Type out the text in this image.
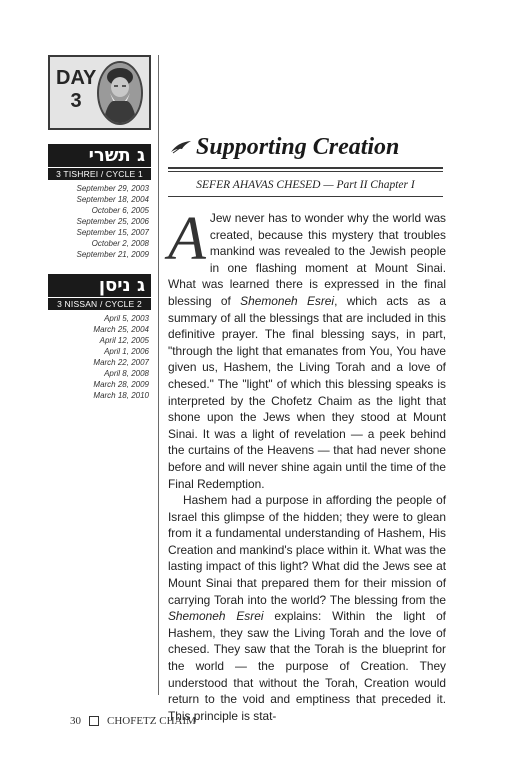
DAY
3
ג תשרי
3 TISHREI / CYCLE 1
September 29, 2003
September 18, 2004
October 6, 2005
September 25, 2006
September 15, 2007
October 2, 2008
September 21, 2009
ג ניסן
3 NISSAN / CYCLE 2
April 5, 2003
March 25, 2004
April 12, 2005
April 1, 2006
March 22, 2007
April 8, 2008
March 28, 2009
March 18, 2010
Supporting Creation
SEFER AHAVAS CHESED — Part II Chapter I

A Jew never has to wonder why the world was created, because this mystery that troubles mankind was revealed to the Jewish people in one flashing moment at Mount Sinai. What was learned there is expressed in the final blessing of Shemoneh Esrei, which acts as a summary of all the blessings that are included in this definitive prayer. The final blessing says, in part, "through the light that emanates from You, You have given us, Hashem, the Living Torah and a love of chesed." The "light" of which this blessing speaks is interpreted by the Chofetz Chaim as the light that shone upon the Jews when they stood at Mount Sinai. It was a light of revelation — a peek behind the curtains of the Heavens — that had never shone before and will never shine again until the time of the Final Redemption.

Hashem had a purpose in affording the people of Israel this glimpse of the hidden; they were to glean from it a fundamental understanding of Hashem, His Creation and mankind's place within it. What was the lasting impact of this light? What did the Jews see at Mount Sinai that prepared them for their mission of carrying Torah into the world? The blessing from the Shemoneh Esrei explains: Within the light of Hashem, they saw the Living Torah and the love of chesed. They saw that the Torah is the blueprint for the world — the purpose of Creation. They understood that without the Torah, Creation would return to the void and emptiness that preceded it. This principle is stat-

30 CHOFETZ CHAIM
